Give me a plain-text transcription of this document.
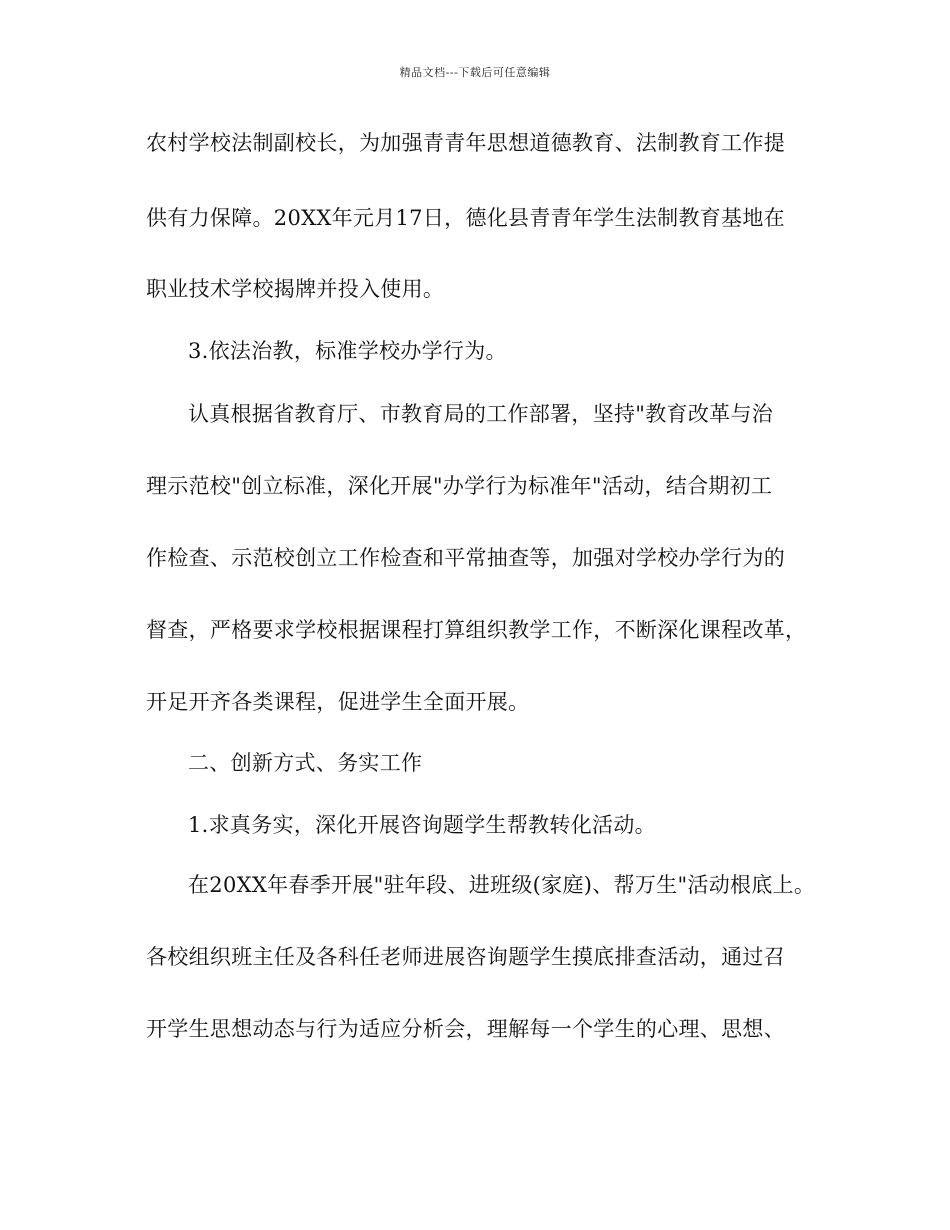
精品文档---下载后可任意编辑
农村学校法制副校长，为加强青青年思想道德教育、法制教育工作提
供有力保障。20XX年元月17日，德化县青青年学生法制教育基地在
职业技术学校揭牌并投入使用。
3.依法治教，标准学校办学行为。
认真根据省教育厅、市教育局的工作部署，坚持"教育改革与治
理示范校"创立标准，深化开展"办学行为标准年"活动，结合期初工
作检查、示范校创立工作检查和平常抽查等，加强对学校办学行为的
督查，严格要求学校根据课程打算组织教学工作，不断深化课程改革，
开足开齐各类课程，促进学生全面开展。
二、创新方式、务实工作
1.求真务实，深化开展咨询题学生帮教转化活动。
在20XX年春季开展"驻年段、进班级(家庭)、帮万生"活动根底上。
各校组织班主任及各科任老师进展咨询题学生摸底排查活动，通过召
开学生思想动态与行为适应分析会，理解每一个学生的心理、思想、
